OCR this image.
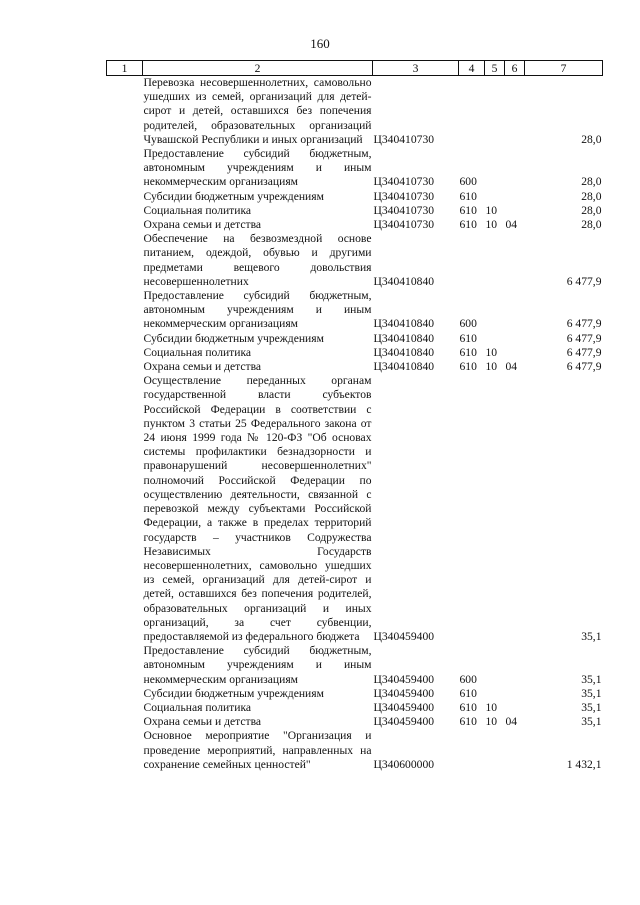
160
1	2	3	4	5	6	7
	Перевозка несовершеннолетних, самовольно ушедших из семей, организаций для детей-сирот и детей, оставшихся без попечения родителей, образовательных организаций Чувашской Республики и иных организаций	Ц340410730				28,0
	Предоставление субсидий бюджетным, автономным учреждениям и иным некоммерческим организациям	Ц340410730	600			28,0
	Субсидии бюджетным учреждениям	Ц340410730	610			28,0
	Социальная политика	Ц340410730	610	10		28,0
	Охрана семьи и детства	Ц340410730	610	10	04	28,0
	Обеспечение на безвозмездной основе питанием, одеждой, обувью и другими предметами вещевого довольствия несовершеннолетних	Ц340410840				6 477,9
	Предоставление субсидий бюджетным, автономным учреждениям и иным некоммерческим организациям	Ц340410840	600			6 477,9
	Субсидии бюджетным учреждениям	Ц340410840	610			6 477,9
	Социальная политика	Ц340410840	610	10		6 477,9
	Охрана семьи и детства	Ц340410840	610	10	04	6 477,9
	Осуществление переданных органам государственной власти субъектов Российской Федерации в соответствии с пунктом 3 статьи 25 Федерального закона от 24 июня 1999 года № 120-ФЗ "Об основах системы профилактики безнадзорности и правонарушений несовершеннолетних" полномочий Российской Федерации по осуществлению деятельности, связанной с перевозкой между субъектами Российской Федерации, а также в пределах территорий государств – участников Содружества Независимых Государств несовершеннолетних, самовольно ушедших из семей, организаций для детей-сирот и детей, оставшихся без попечения родителей, образовательных организаций и иных организаций, за счет субвенции, предоставляемой из федерального бюджета	Ц340459400				35,1
	Предоставление субсидий бюджетным, автономным учреждениям и иным некоммерческим организациям	Ц340459400	600			35,1
	Субсидии бюджетным учреждениям	Ц340459400	610			35,1
	Социальная политика	Ц340459400	610	10		35,1
	Охрана семьи и детства	Ц340459400	610	10	04	35,1
	Основное мероприятие "Организация и проведение мероприятий, направленных на сохранение семейных ценностей"	Ц340600000				1 432,1
